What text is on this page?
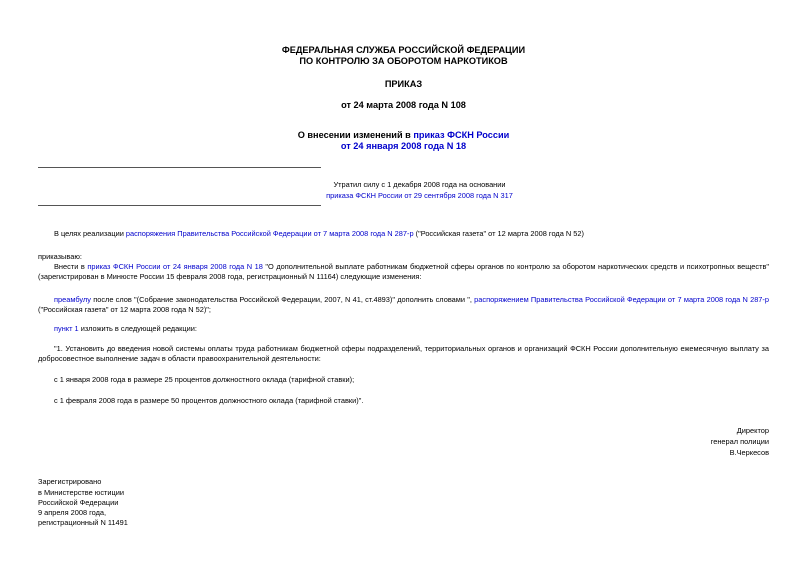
ФЕДЕРАЛЬНАЯ СЛУЖБА РОССИЙСКОЙ ФЕДЕРАЦИИ
ПО КОНТРОЛЮ ЗА ОБОРОТОМ НАРКОТИКОВ
ПРИКАЗ
от 24 марта 2008 года N 108
О внесении изменений в приказ ФСКН России
от 24 января 2008 года N 18
Утратил силу с 1 декабря 2008 года на основании
приказа ФСКН России от 29 сентября 2008 года N 317
В целях реализации распоряжения Правительства Российской Федерации от 7 марта 2008 года N 287-р ("Российская газета" от 12 марта 2008 года N 52)
приказываю:
Внести в приказ ФСКН России от 24 января 2008 года N 18 "О дополнительной выплате работникам бюджетной сферы органов по контролю за оборотом наркотических средств и психотропных веществ" (зарегистрирован в Минюсте России 15 февраля 2008 года, регистрационный N 11164) следующие изменения:
преамбулу после слов "(Собрание законодательства Российской Федерации, 2007, N 41, ст.4893)" дополнить словами ", распоряжением Правительства Российской Федерации от 7 марта 2008 года N 287-р ("Российская газета" от 12 марта 2008 года N 52)";
пункт 1 изложить в следующей редакции:
"1. Установить до введения новой системы оплаты труда работникам бюджетной сферы подразделений, территориальных органов и организаций ФСКН России дополнительную ежемесячную выплату за добросовестное выполнение задач в области правоохранительной деятельности:
с 1 января 2008 года в размере 25 процентов должностного оклада (тарифной ставки);
с 1 февраля 2008 года в размере 50 процентов должностного оклада (тарифной ставки)".
Директор
генерал полиции
В.Черкесов
Зарегистрировано
в Министерстве юстиции
Российской Федерации
9 апреля 2008 года,
регистрационный N 11491
